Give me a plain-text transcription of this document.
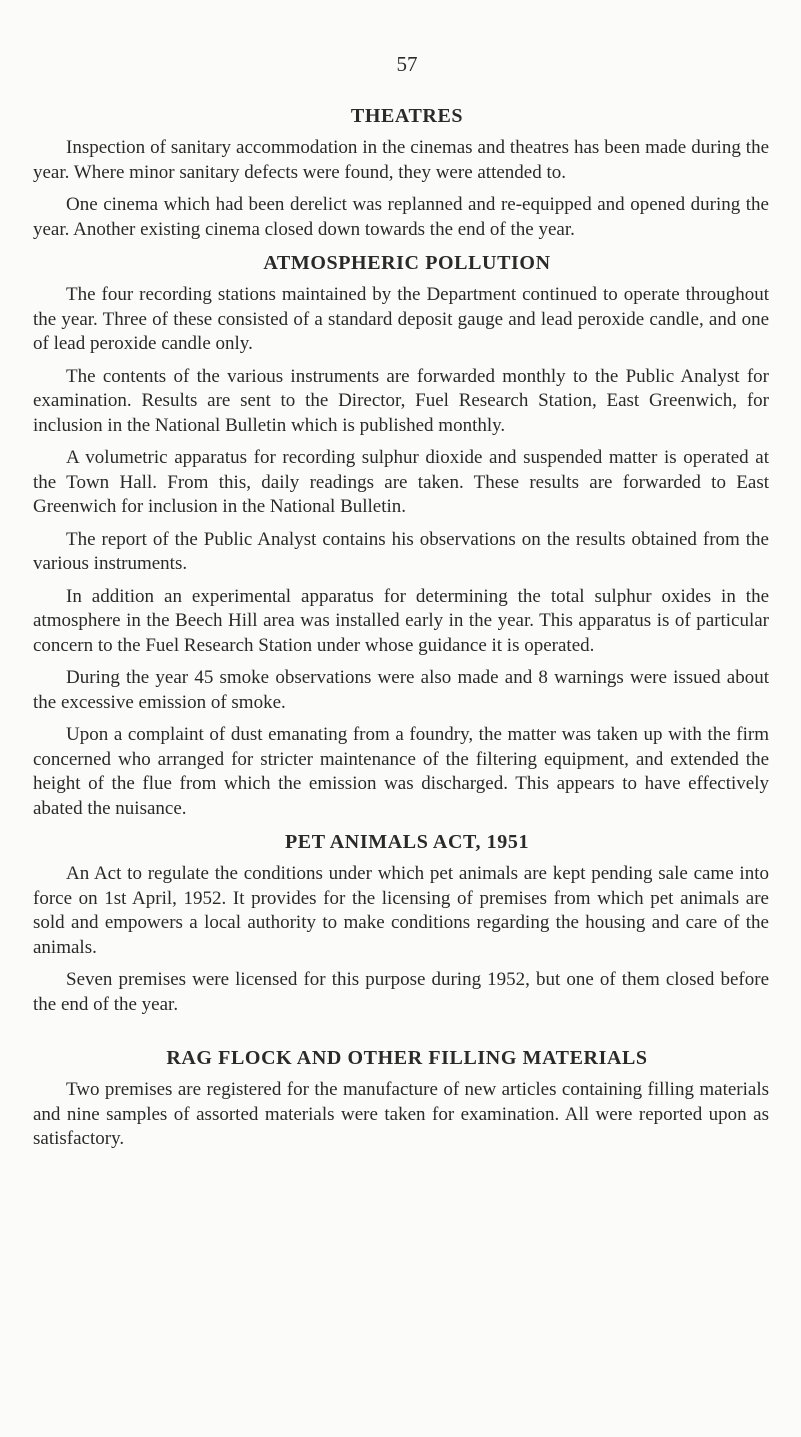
57
THEATRES

Inspection of sanitary accommodation in the cinemas and theatres has been made during the year. Where minor sanitary defects were found, they were attended to.

One cinema which had been derelict was replanned and re-equipped and opened during the year. Another existing cinema closed down towards the end of the year.

ATMOSPHERIC POLLUTION

The four recording stations maintained by the Department continued to operate throughout the year. Three of these consisted of a standard deposit gauge and lead peroxide candle, and one of lead peroxide candle only.

The contents of the various instruments are forwarded monthly to the Public Analyst for examination. Results are sent to the Director, Fuel Research Station, East Greenwich, for inclusion in the National Bulletin which is published monthly.

A volumetric apparatus for recording sulphur dioxide and suspended matter is operated at the Town Hall. From this, daily readings are taken. These results are forwarded to East Greenwich for inclusion in the National Bulletin.

The report of the Public Analyst contains his observations on the results obtained from the various instruments.

In addition an experimental apparatus for determining the total sulphur oxides in the atmosphere in the Beech Hill area was installed early in the year. This apparatus is of particular concern to the Fuel Research Station under whose guidance it is operated.

During the year 45 smoke observations were also made and 8 warnings were issued about the excessive emission of smoke.

Upon a complaint of dust emanating from a foundry, the matter was taken up with the firm concerned who arranged for stricter maintenance of the filtering equipment, and extended the height of the flue from which the emission was discharged. This appears to have effectively abated the nuisance.

PET ANIMALS ACT, 1951

An Act to regulate the conditions under which pet animals are kept pending sale came into force on 1st April, 1952. It provides for the licensing of premises from which pet animals are sold and empowers a local authority to make conditions regarding the housing and care of the animals.

Seven premises were licensed for this purpose during 1952, but one of them closed before the end of the year.

RAG FLOCK AND OTHER FILLING MATERIALS

Two premises are registered for the manufacture of new articles containing filling materials and nine samples of assorted materials were taken for examination. All were reported upon as satisfactory.
